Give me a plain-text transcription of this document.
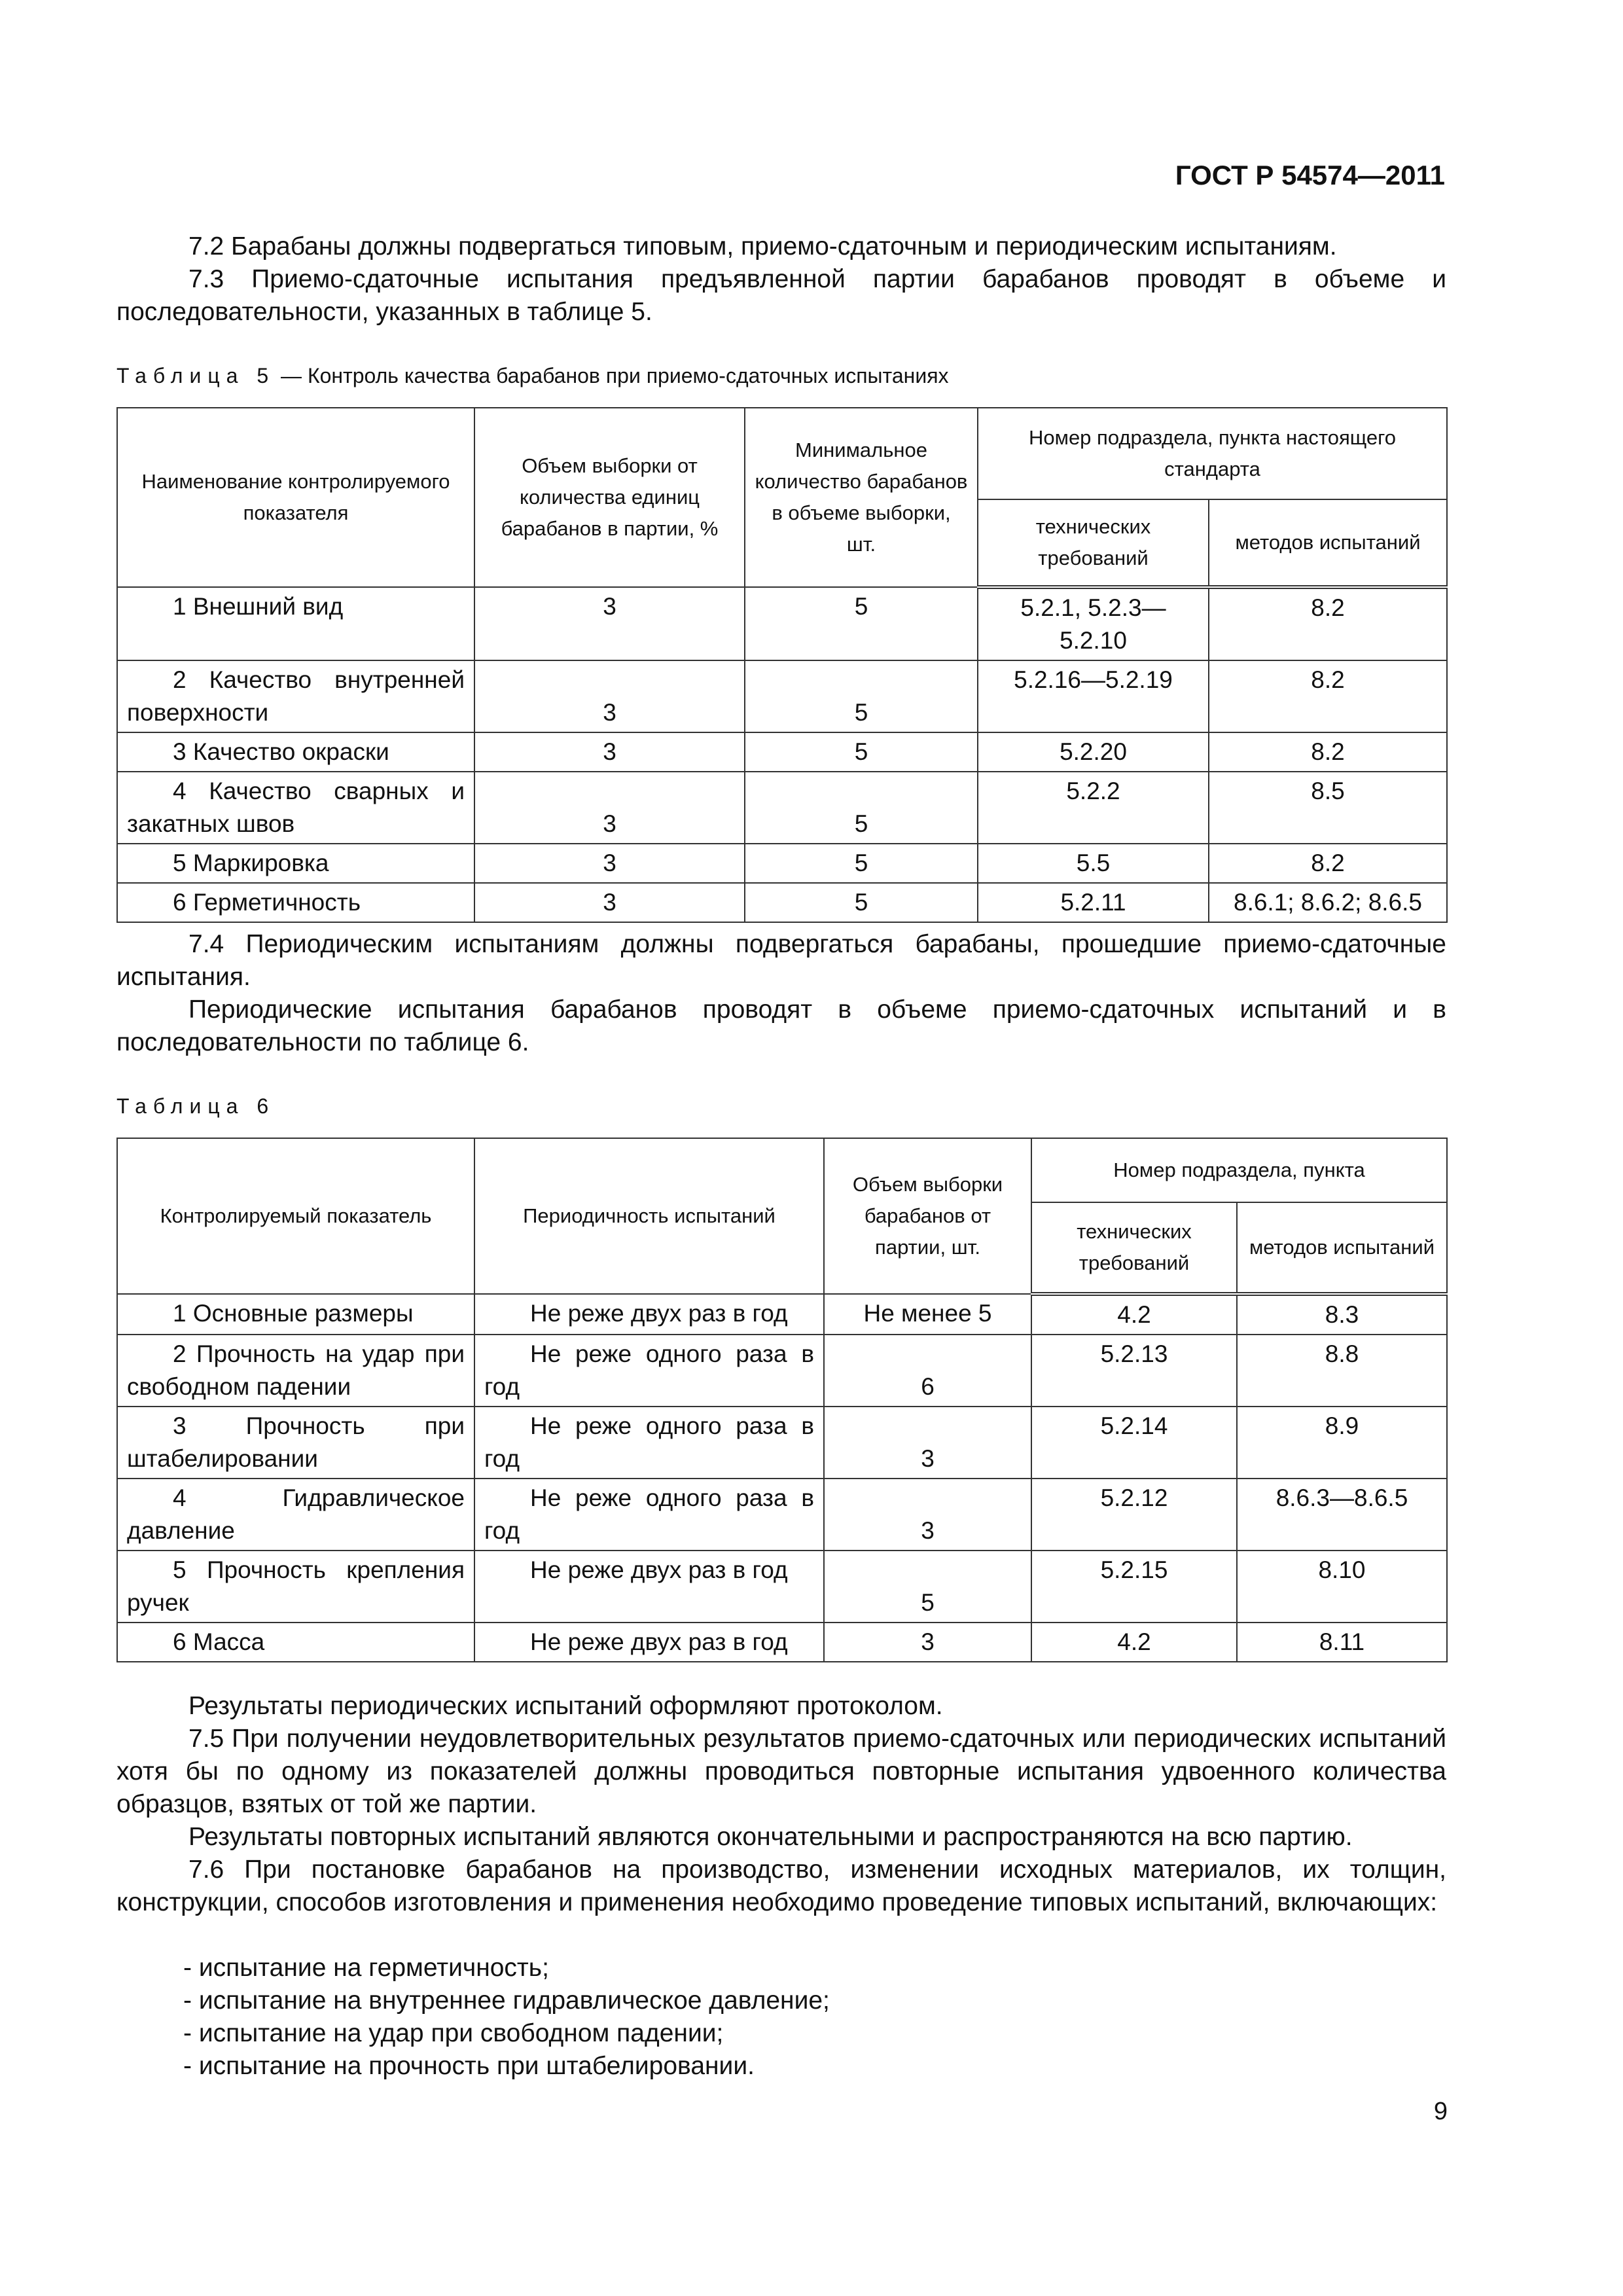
ГОСТ Р 54574—2011

7.2 Барабаны должны подвергаться типовым, приемо-сдаточным и периодическим испытаниям.

7.3 Приемо-сдаточные испытания предъявленной партии барабанов проводят в объеме и последовательности, указанных в таблице 5.

Таблица 5 — Контроль качества барабанов при приемо-сдаточных испытаниях
Наименование контролируемого показателя	Объем выборки от количества единиц барабанов в партии, %	Минимальное количество барабанов в объеме выборки, шт.	Номер подраздела, пункта настоящего стандарта	
			технических требований	методов испытаний
1 Внешний вид	3	5	5.2.1, 5.2.3—5.2.10	8.2
2 Качество внутренней поверхности	3	5	5.2.16—5.2.19	8.2
3 Качество окраски	3	5	5.2.20	8.2
4 Качество сварных и закатных швов	3	5	5.2.2	8.5
5 Маркировка	3	5	5.5	8.2
6 Герметичность	3	5	5.2.11	8.6.1; 8.6.2; 8.6.5

7.4 Периодическим испытаниям должны подвергаться барабаны, прошедшие приемо-сдаточные испытания.

Периодические испытания барабанов проводят в объеме приемо-сдаточных испытаний и в последовательности по таблице 6.

Таблица 6
Контролируемый показатель	Периодичность испытаний	Объем выборки барабанов от партии, шт.	Номер подраздела, пункта	
			технических требований	методов испытаний
1 Основные размеры	Не реже двух раз в год	Не менее 5	4.2	8.3
2 Прочность на удар при свободном падении	Не реже одного раза в год	6	5.2.13	8.8
3 Прочность при штабелировании	Не реже одного раза в год	3	5.2.14	8.9
4 Гидравлическое давление	Не реже одного раза в год	3	5.2.12	8.6.3—8.6.5
5 Прочность крепления ручек	Не реже двух раз в год	5	5.2.15	8.10
6 Масса	Не реже двух раз в год	3	4.2	8.11

Результаты периодических испытаний оформляют протоколом.

7.5 При получении неудовлетворительных результатов приемо-сдаточных или периодических испытаний хотя бы по одному из показателей должны проводиться повторные испытания удвоенного количества образцов, взятых от той же партии.

Результаты повторных испытаний являются окончательными и распространяются на всю партию.

7.6 При постановке барабанов на производство, изменении исходных материалов, их толщин, конструкции, способов изготовления и применения необходимо проведение типовых испытаний, включающих:

- испытание на герметичность;
- испытание на внутреннее гидравлическое давление;
- испытание на удар при свободном падении;
- испытание на прочность при штабелировании.
9
